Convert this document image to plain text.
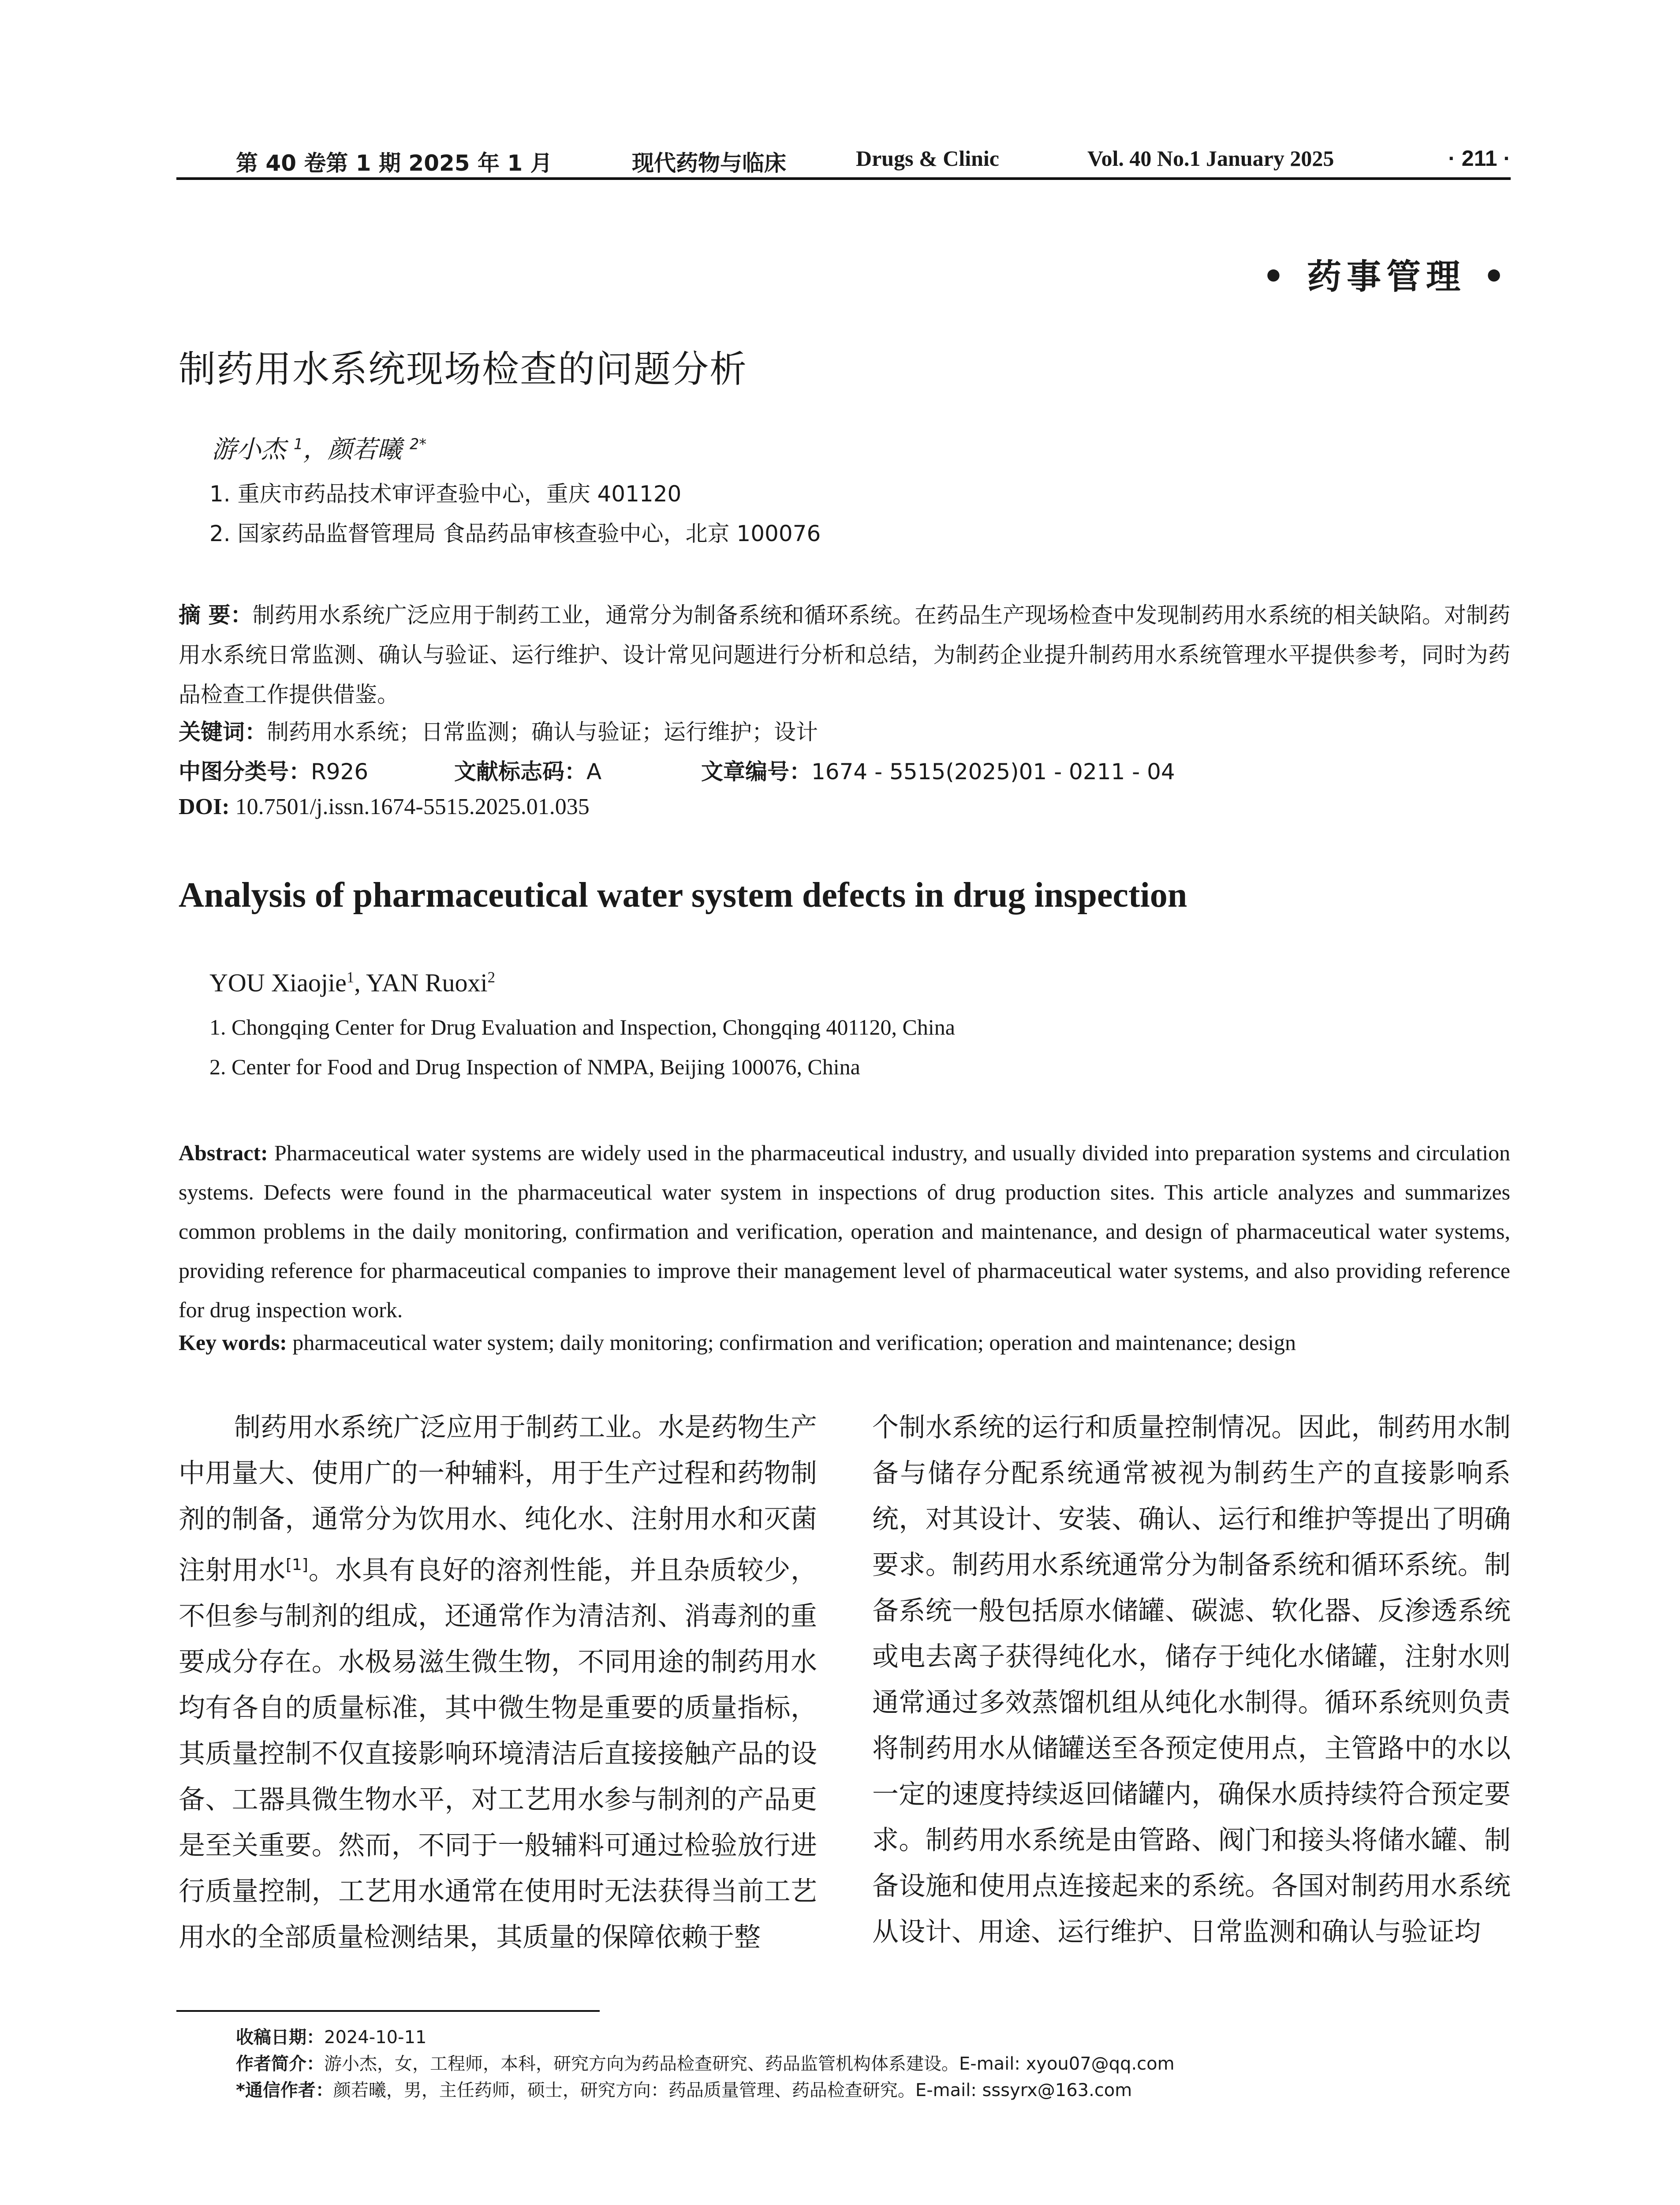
第 40 卷第 1 期 2025 年 1 月	现代药物与临床	Drugs & Clinic	Vol. 40 No.1 January 2025	· 211 ·
• 药事管理 •
制药用水系统现场检查的问题分析
游小杰 $^1$，颜若曦 $^{2*}$
1. 重庆市药品技术审评查验中心，重庆 401120
2. 国家药品监督管理局 食品药品审核查验中心，北京 100076
摘 要：制药用水系统广泛应用于制药工业，通常分为制备系统和循环系统。在药品生产现场检查中发现制药用水系统的相关缺陷。对制药用水系统日常监测、确认与验证、运行维护、设计常见问题进行分析和总结，为制药企业提升制药用水系统管理水平提供参考，同时为药品检查工作提供借鉴。
关键词：制药用水系统；日常监测；确认与验证；运行维护；设计
中图分类号：R926	文献标志码：A	文章编号：1674 - 5515(2025)01 - 0211 - 04
DOI: 10.7501/j.issn.1674-5515.2025.01.035
Analysis of pharmaceutical water system defects in drug inspection
YOU Xiaojie$^1$, YAN Ruoxi$^2$
1. Chongqing Center for Drug Evaluation and Inspection, Chongqing 401120, China
2. Center for Food and Drug Inspection of NMPA, Beijing 100076, China
Abstract: Pharmaceutical water systems are widely used in the pharmaceutical industry, and usually divided into preparation systems and circulation systems. Defects were found in the pharmaceutical water system in inspections of drug production sites. This article analyzes and summarizes common problems in the daily monitoring, confirmation and verification, operation and maintenance, and design of pharmaceutical water systems, providing reference for pharmaceutical companies to improve their management level of pharmaceutical water systems, and also providing reference for drug inspection work.
Key words: pharmaceutical water system; daily monitoring; confirmation and verification; operation and maintenance; design
制药用水系统广泛应用于制药工业。水是药物生产中用量大、使用广的一种辅料，用于生产过程和药物制剂的制备，通常分为饮用水、纯化水、注射用水和灭菌注射用水[1]。水具有良好的溶剂性能，并且杂质较少，不但参与制剂的组成，还通常作为清洁剂、消毒剂的重要成分存在。水极易滋生微生物，不同用途的制药用水均有各自的质量标准，其中微生物是重要的质量指标，其质量控制不仅直接影响环境清洁后直接接触产品的设备、工器具微生物水平，对工艺用水参与制剂的产品更是至关重要。然而，不同于一般辅料可通过检验放行进行质量控制，工艺用水通常在使用时无法获得当前工艺用水的全部质量检测结果，其质量的保障依赖于整
个制水系统的运行和质量控制情况。因此，制药用水制备与储存分配系统通常被视为制药生产的直接影响系统，对其设计、安装、确认、运行和维护等提出了明确要求。制药用水系统通常分为制备系统和循环系统。制备系统一般包括原水储罐、碳滤、软化器、反渗透系统或电去离子获得纯化水，储存于纯化水储罐，注射水则通常通过多效蒸馏机组从纯化水制得。循环系统则负责将制药用水从储罐送至各预定使用点，主管路中的水以一定的速度持续返回储罐内，确保水质持续符合预定要求。制药用水系统是由管路、阀门和接头将储水罐、制备设施和使用点连接起来的系统。各国对制药用水系统从设计、用途、运行维护、日常监测和确认与验证均
收稿日期：2024-10-11
作者简介：游小杰，女，工程师，本科，研究方向为药品检查研究、药品监管机构体系建设。E-mail: xyou07@qq.com
*通信作者：颜若曦，男，主任药师，硕士，研究方向：药品质量管理、药品检查研究。E-mail: sssyrx@163.com
